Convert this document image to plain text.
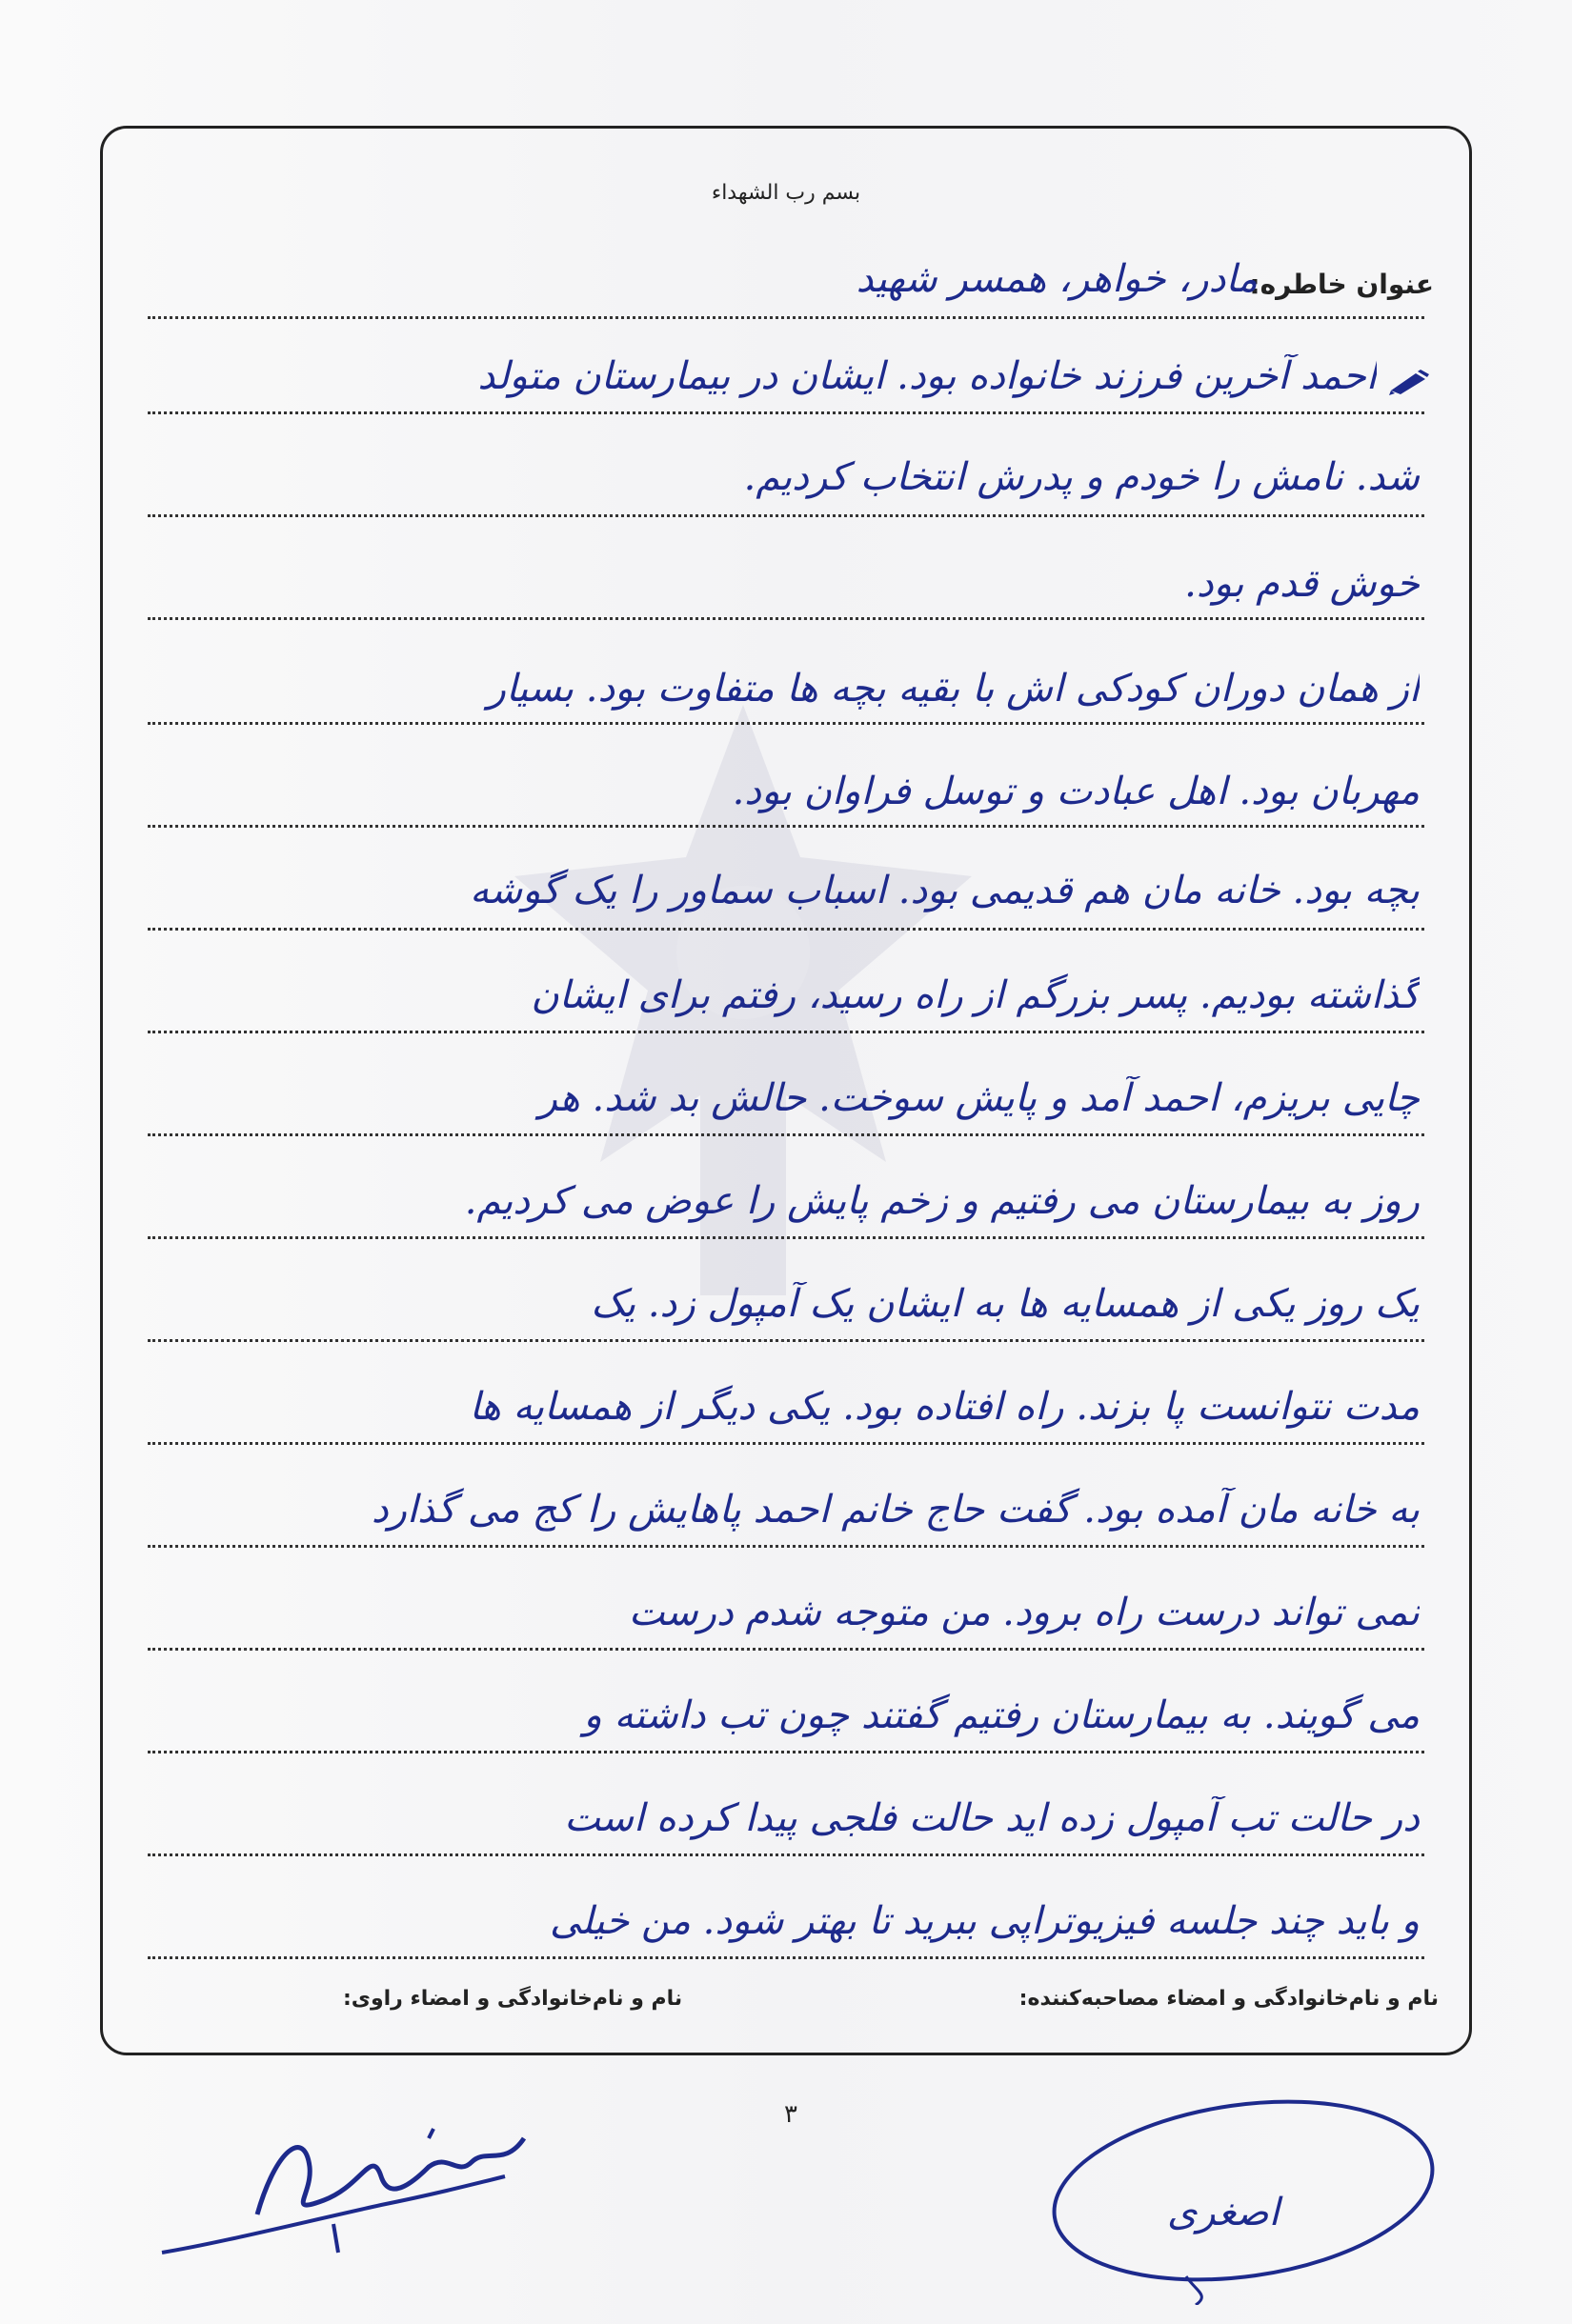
بسم رب الشهداء
عنوان خاطره:
مادر، خواهر، همسر شهید
احمد آخرین فرزند خانواده بود. ایشان در بیمارستان متولد
شد. نامش را خودم و پدرش انتخاب کردیم.
خوش قدم بود.
از همان دوران کودکی اش با بقیه بچه ها متفاوت بود. بسیار
مهربان بود. اهل عبادت و توسل فراوان بود.
بچه بود. خانه مان هم قدیمی بود. اسباب سماور را یک گوشه
گذاشته بودیم. پسر بزرگم از راه رسید، رفتم برای ایشان
چایی بریزم، احمد آمد و پایش سوخت. حالش بد شد. هر
روز به بیمارستان می رفتیم و زخم پایش را عوض می کردیم.
یک روز یکی از همسایه ها به ایشان یک آمپول زد. یک
مدت نتوانست پا بزند. راه افتاده بود. یکی دیگر از همسایه ها
به خانه مان آمده بود. گفت حاج خانم احمد پاهایش را کج می گذارد
نمی تواند درست راه برود. من متوجه شدم درست
می گویند. به بیمارستان رفتیم گفتند چون تب داشته و
در حالت تب آمپول زده اید حالت فلجی پیدا کرده است
و باید چند جلسه فیزیوتراپی ببرید تا بهتر شود. من خیلی
نام و نام‌خانوادگی و امضاء مصاحبه‌کننده:
نام و نام‌خانوادگی و امضاء راوی:
۳
اصغری
